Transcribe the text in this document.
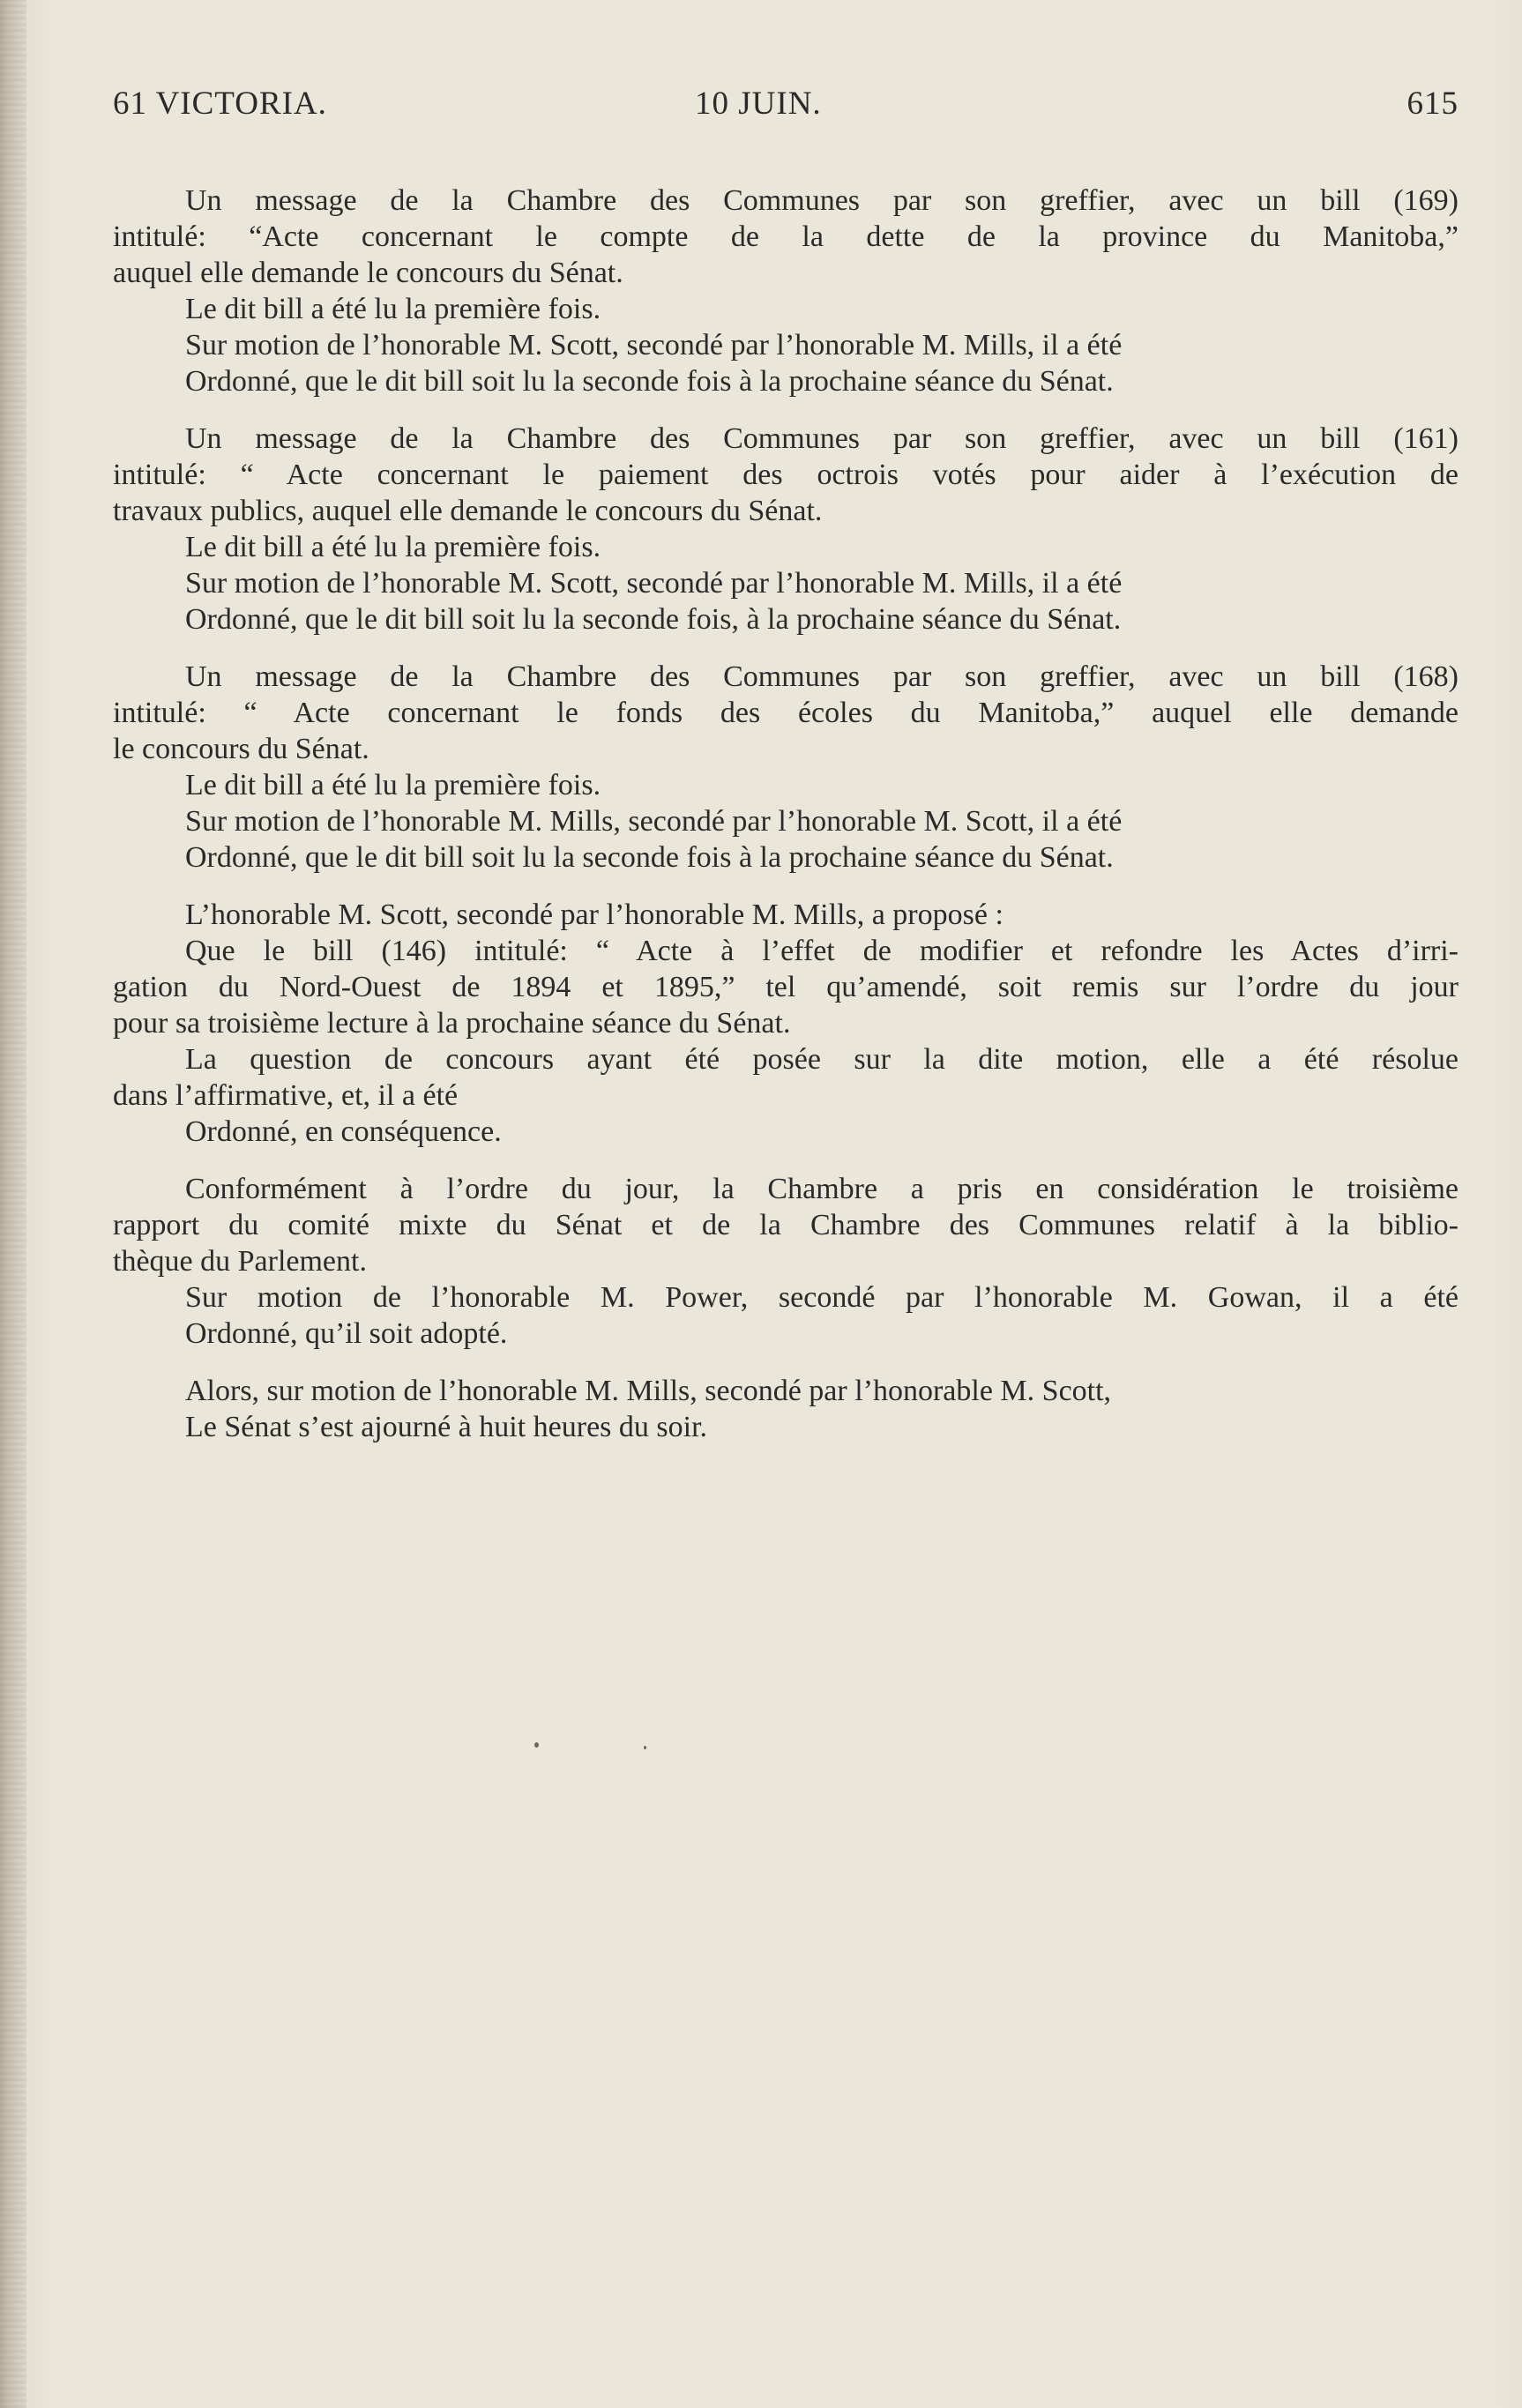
61 VICTORIA.	10 JUIN.	615
Un message de la Chambre des Communes par son greffier, avec un bill (169)
intitulé: “Acte concernant le compte de la dette de la province du Manitoba,”
auquel elle demande le concours du Sénat.
Le dit bill a été lu la première fois.
Sur motion de l’honorable M. Scott, secondé par l’honorable M. Mills, il a été
Ordonné, que le dit bill soit lu la seconde fois à la prochaine séance du Sénat.
Un message de la Chambre des Communes par son greffier, avec un bill (161)
intitulé: “ Acte concernant le paiement des octrois votés pour aider à l’exécution de
travaux publics, auquel elle demande le concours du Sénat.
Le dit bill a été lu la première fois.
Sur motion de l’honorable M. Scott, secondé par l’honorable M. Mills, il a été
Ordonné, que le dit bill soit lu la seconde fois, à la prochaine séance du Sénat.
Un message de la Chambre des Communes par son greffier, avec un bill (168)
intitulé: “ Acte concernant le fonds des écoles du Manitoba,” auquel elle demande
le concours du Sénat.
Le dit bill a été lu la première fois.
Sur motion de l’honorable M. Mills, secondé par l’honorable M. Scott, il a été
Ordonné, que le dit bill soit lu la seconde fois à la prochaine séance du Sénat.
L’honorable M. Scott, secondé par l’honorable M. Mills, a proposé :
Que le bill (146) intitulé: “ Acte à l’effet de modifier et refondre les Actes d’irri-
gation du Nord-Ouest de 1894 et 1895,” tel qu’amendé, soit remis sur l’ordre du jour
pour sa troisième lecture à la prochaine séance du Sénat.
La question de concours ayant été posée sur la dite motion, elle a été résolue
dans l’affirmative, et, il a été
Ordonné, en conséquence.
Conformément à l’ordre du jour, la Chambre a pris en considération le troisième
rapport du comité mixte du Sénat et de la Chambre des Communes relatif à la biblio-
thèque du Parlement.
Sur motion de l’honorable M. Power, secondé par l’honorable M. Gowan, il a été
Ordonné, qu’il soit adopté.
Alors, sur motion de l’honorable M. Mills, secondé par l’honorable M. Scott,
Le Sénat s’est ajourné à huit heures du soir.
